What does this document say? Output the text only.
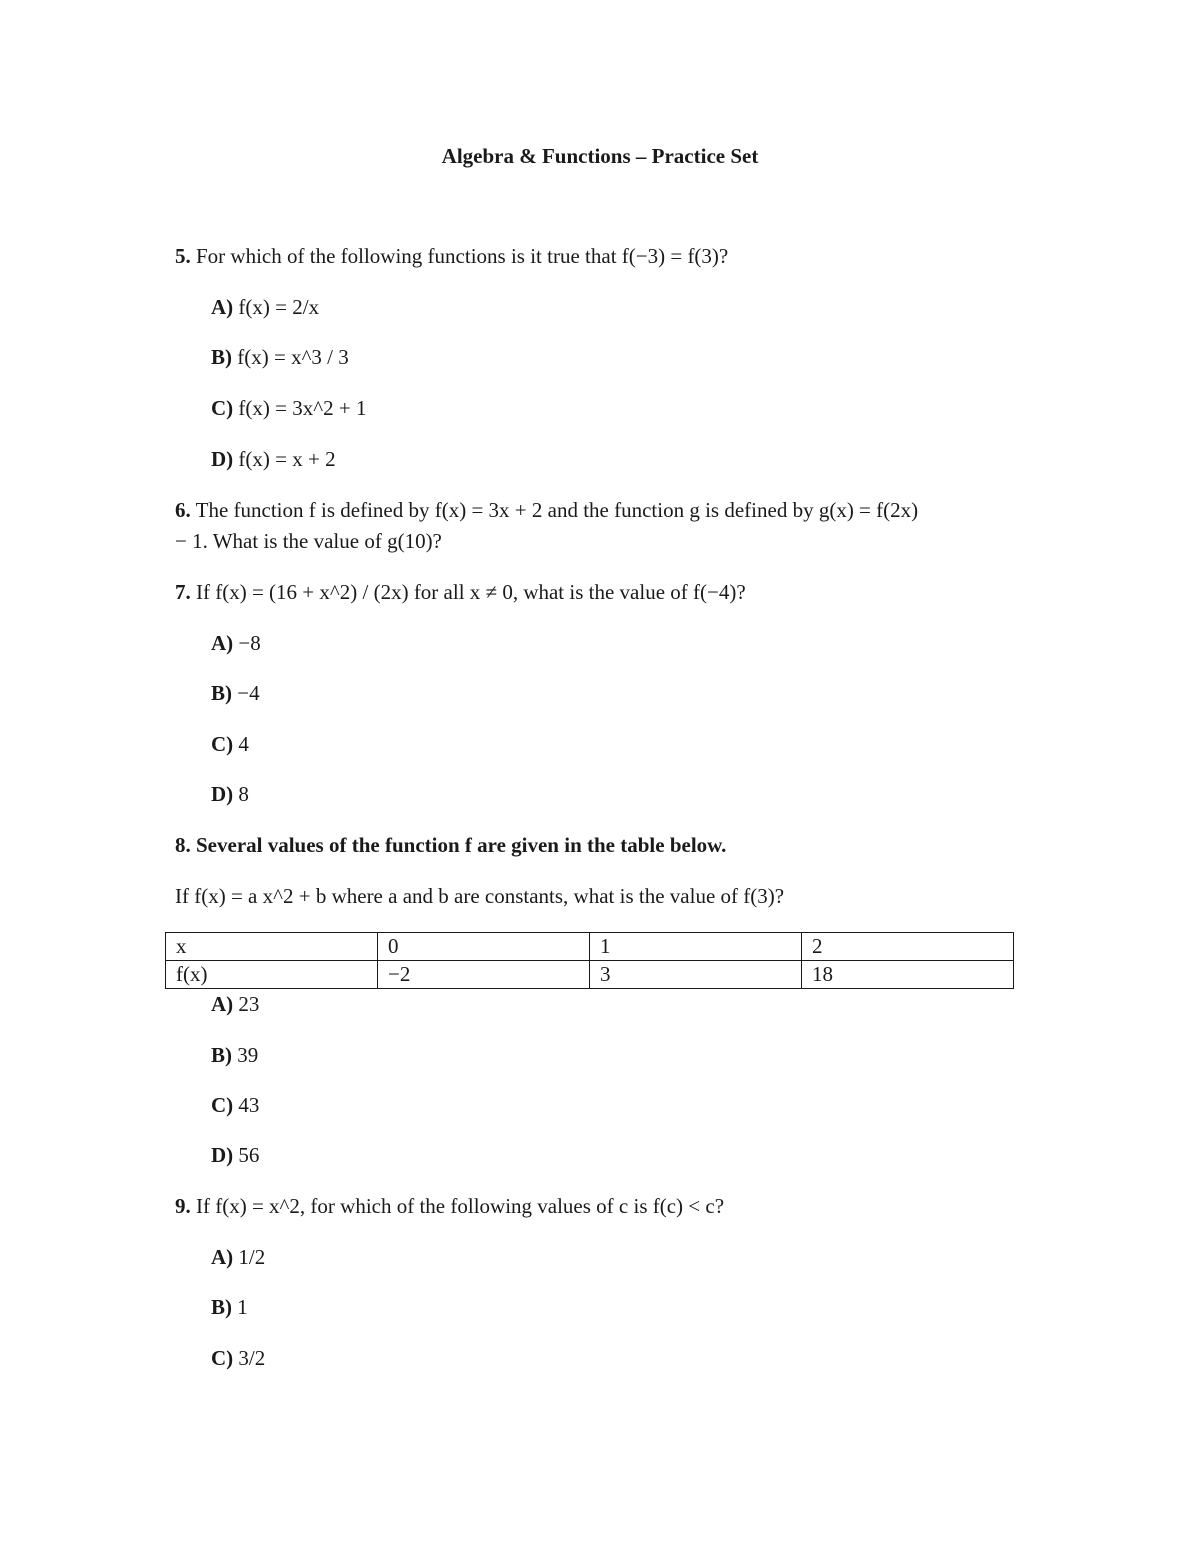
Algebra & Functions – Practice Set
5. For which of the following functions is it true that f(−3) = f(3)?
A) f(x) = 2/x
B) f(x) = x^3 / 3
C) f(x) = 3x^2 + 1
D) f(x) = x + 2
6. The function f is defined by f(x) = 3x + 2 and the function g is defined by g(x) = f(2x)
− 1. What is the value of g(10)?
7. If f(x) = (16 + x^2) / (2x) for all x ≠ 0, what is the value of f(−4)?
A) −8
B) −4
C) 4
D) 8
8. Several values of the function f are given in the table below.
If f(x) = a x^2 + b where a and b are constants, what is the value of f(3)?
x	0	1	2
f(x)	−2	3	18
A) 23
B) 39
C) 43
D) 56
9. If f(x) = x^2, for which of the following values of c is f(c) < c?
A) 1/2
B) 1
C) 3/2
